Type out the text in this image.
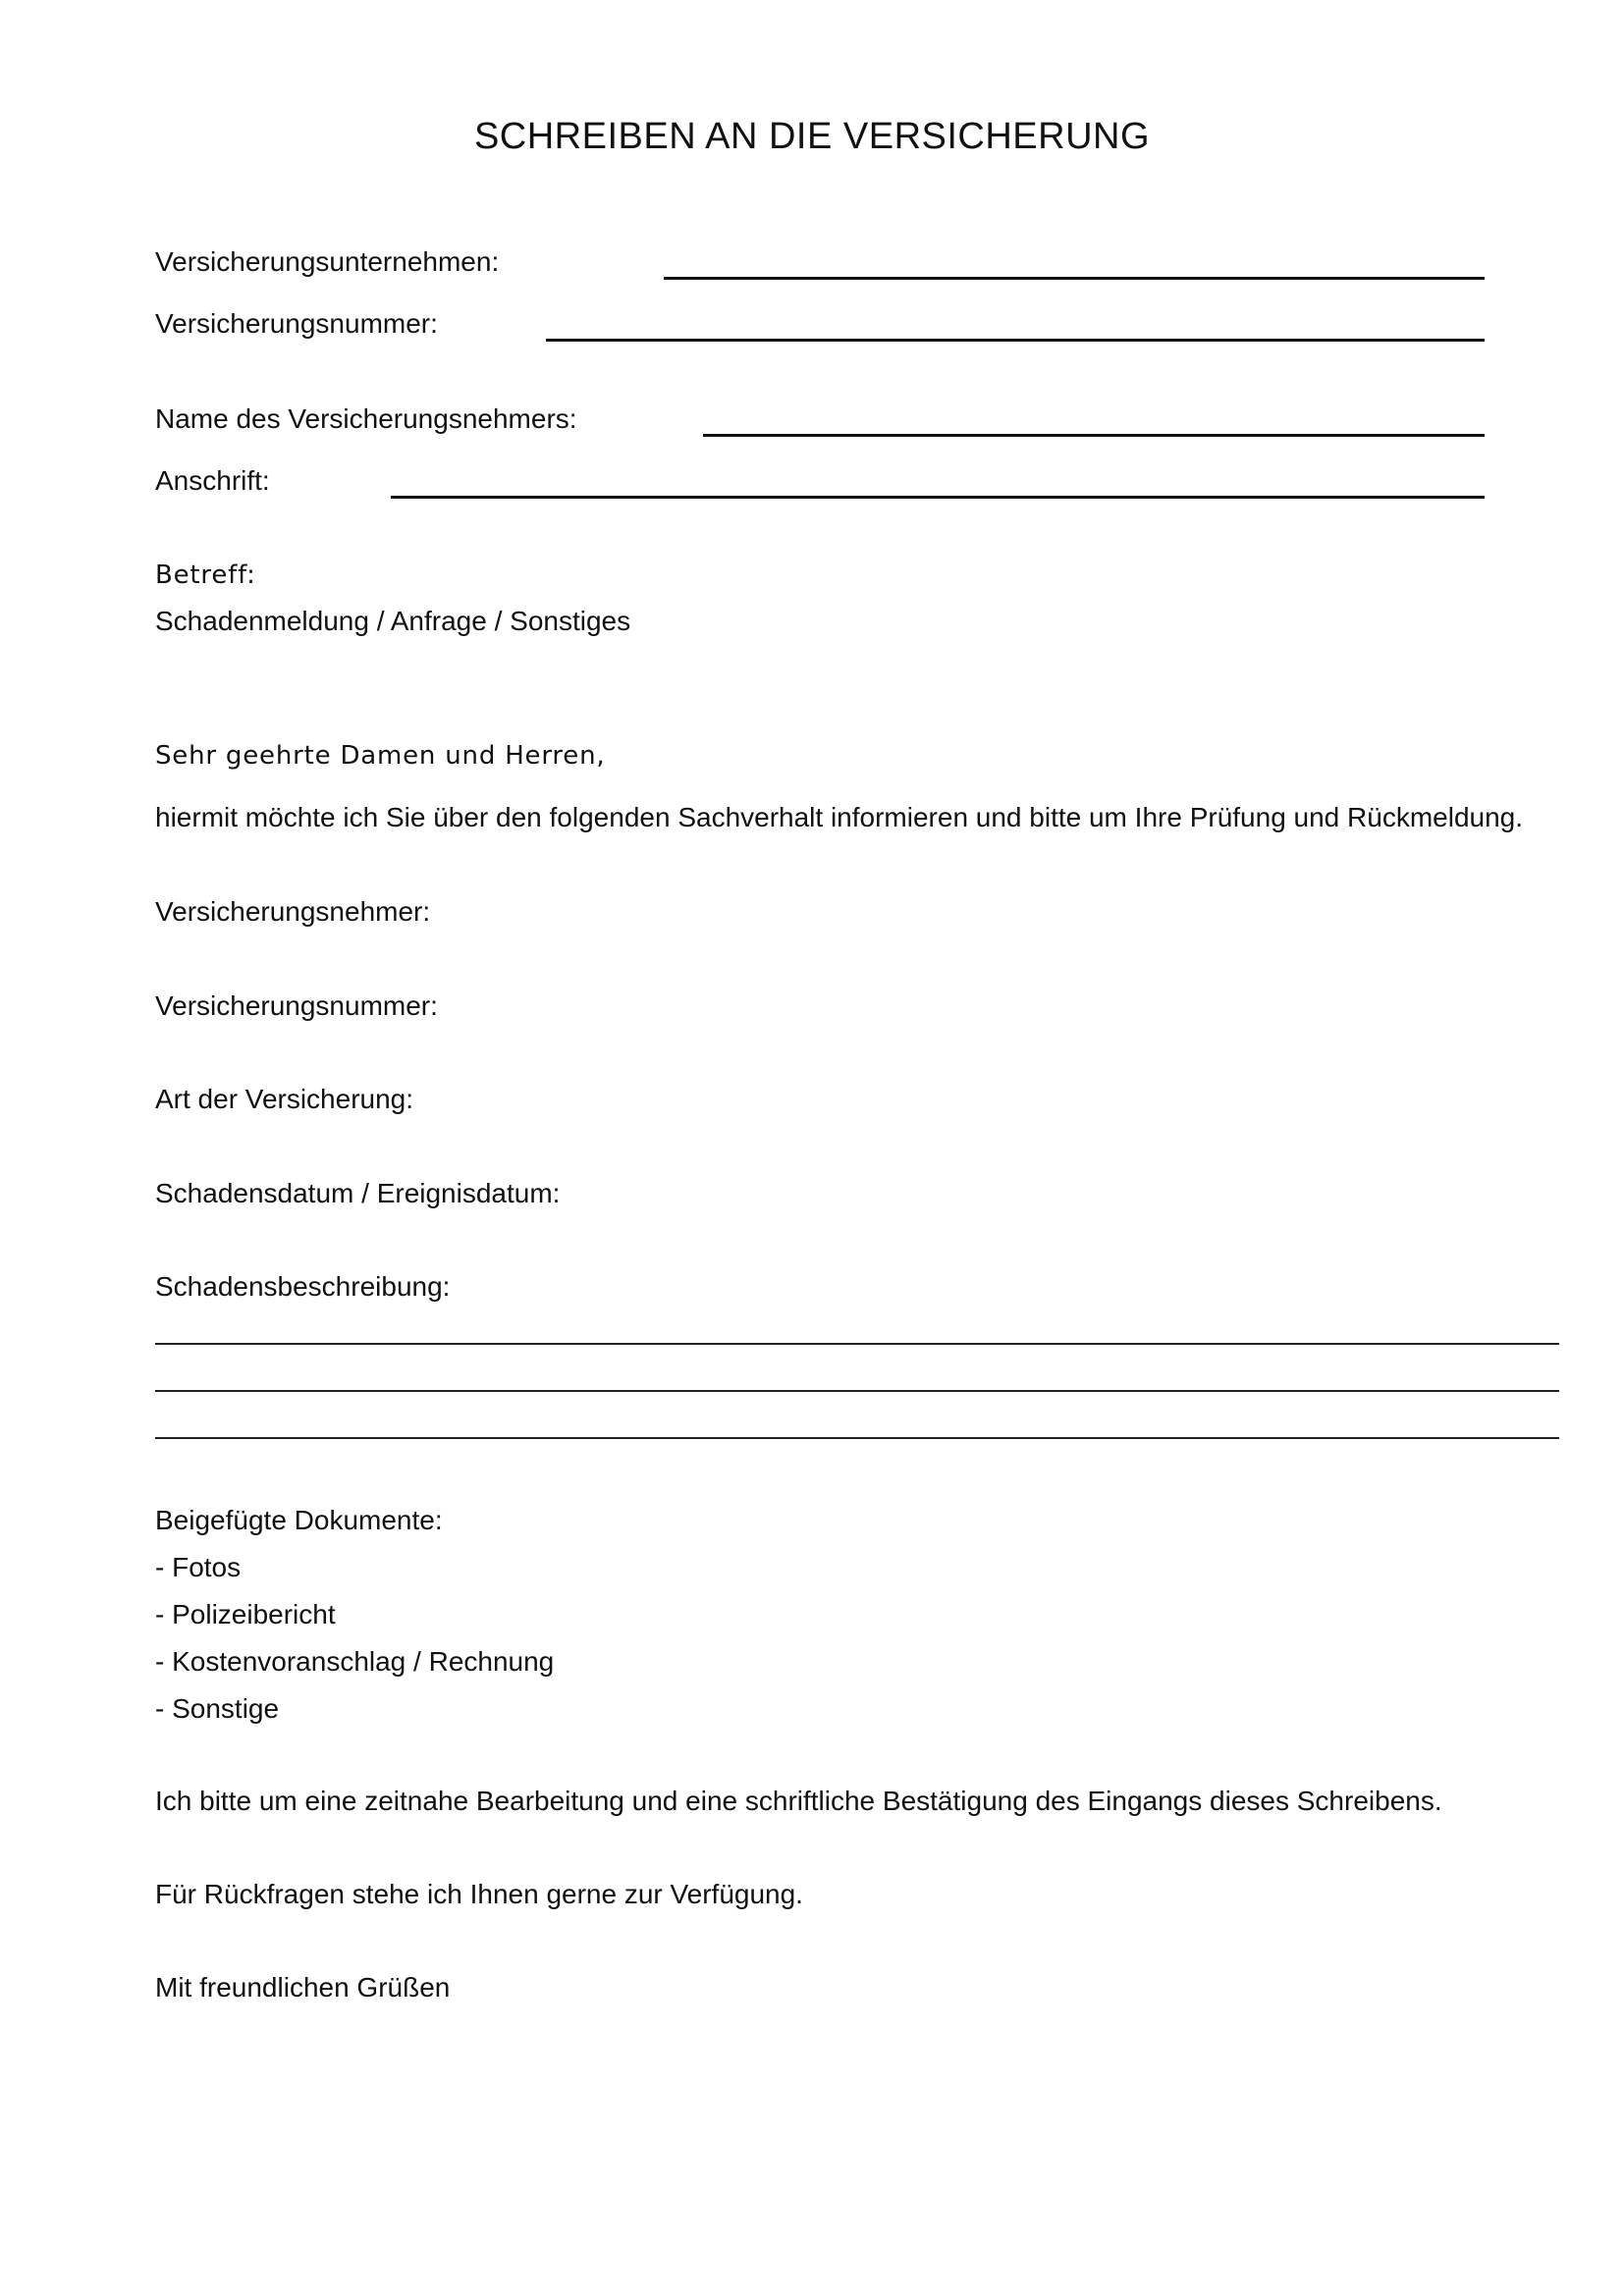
SCHREIBEN AN DIE VERSICHERUNG

Versicherungsunternehmen:

Versicherungsnummer:

Name des Versicherungsnehmers:

Anschrift:

Betreff:

Schadenmeldung / Anfrage / Sonstiges

Sehr geehrte Damen und Herren,

hiermit möchte ich Sie über den folgenden Sachverhalt informieren und bitte um Ihre Prüfung und Rückmeldung.

Versicherungsnehmer:

Versicherungsnummer:

Art der Versicherung:

Schadensdatum / Ereignisdatum:

Schadensbeschreibung:

Beigefügte Dokumente:

- Fotos
- Polizeibericht
- Kostenvoranschlag / Rechnung
- Sonstige

Ich bitte um eine zeitnahe Bearbeitung und eine schriftliche Bestätigung des Eingangs dieses Schreibens.

Für Rückfragen stehe ich Ihnen gerne zur Verfügung.

Mit freundlichen Grüßen
